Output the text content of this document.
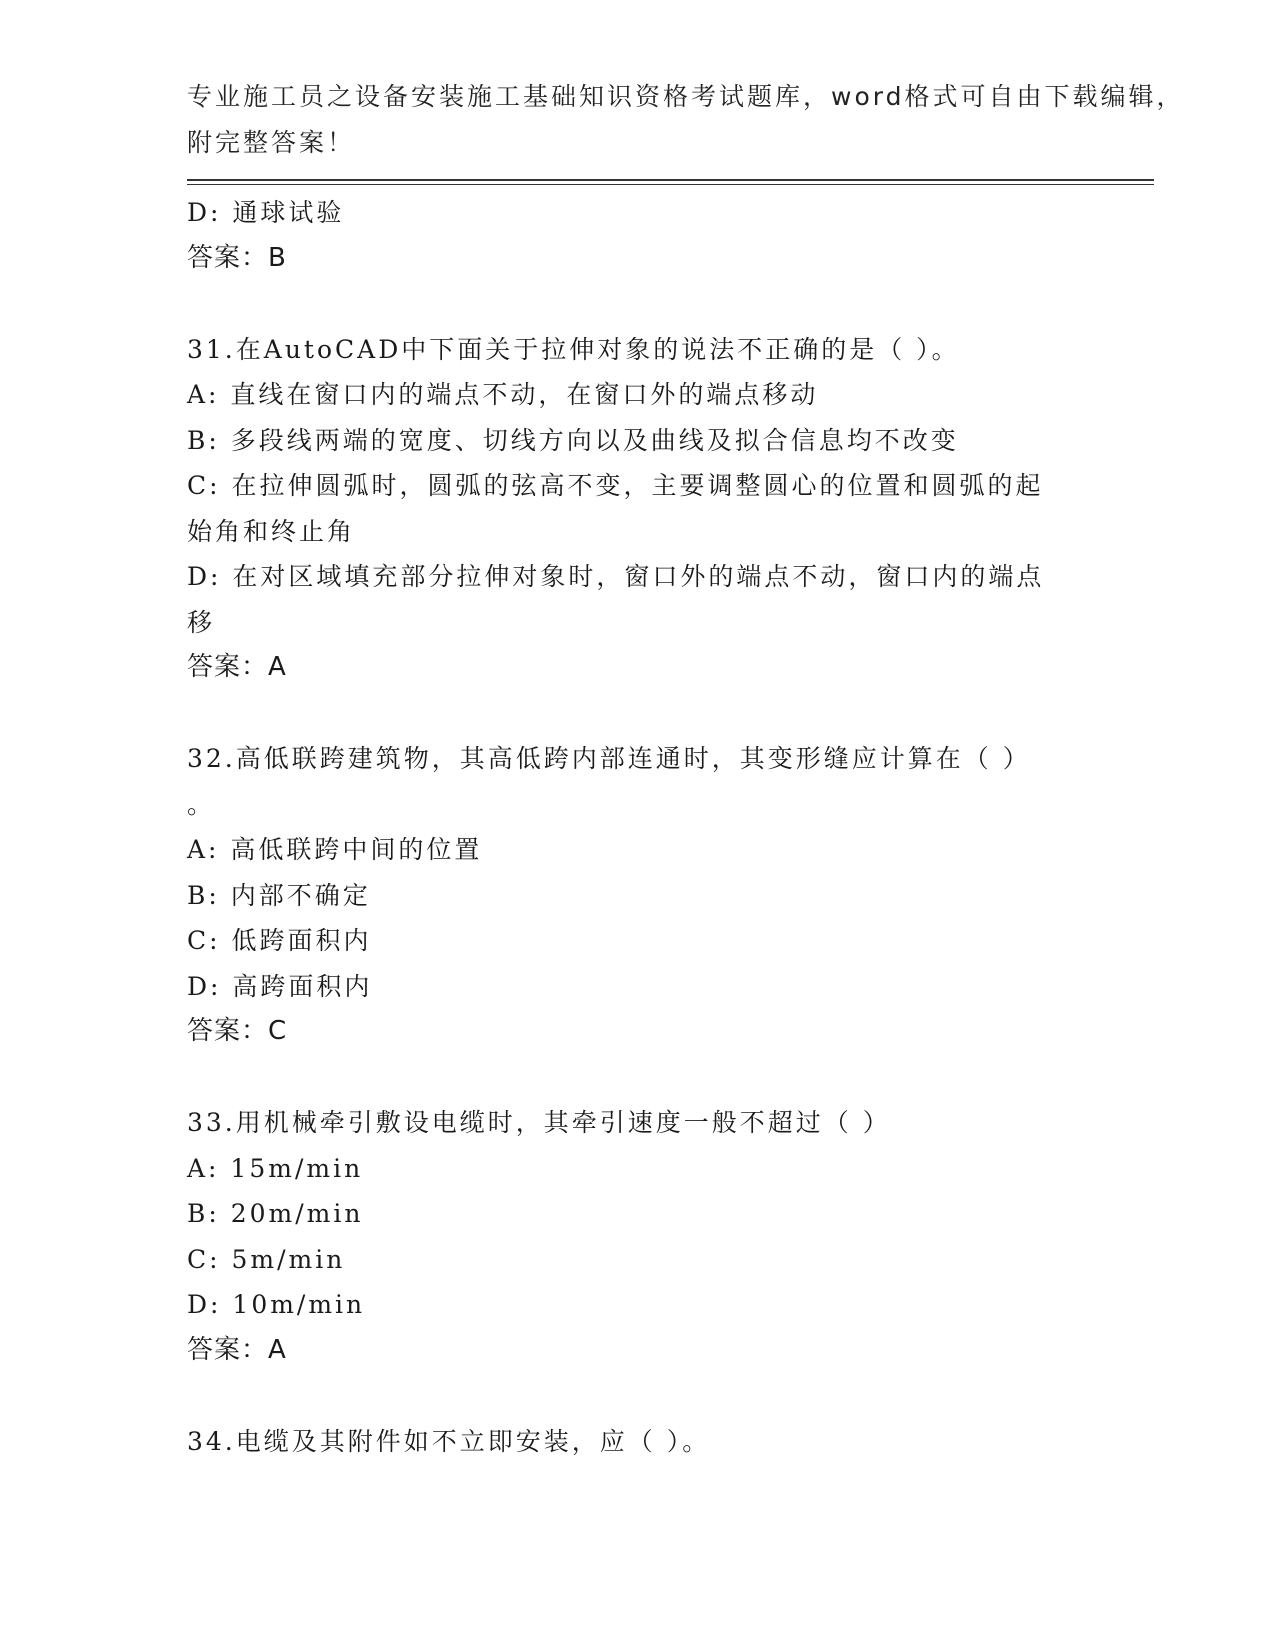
专业施工员之设备安装施工基础知识资格考试题库，word格式可自由下载编辑，
附完整答案！
D: 通球试验
答案：B
31.在AutoCAD中下面关于拉伸对象的说法不正确的是（ ）。
A: 直线在窗口内的端点不动，在窗口外的端点移动
B: 多段线两端的宽度、切线方向以及曲线及拟合信息均不改变
C: 在拉伸圆弧时，圆弧的弦高不变，主要调整圆心的位置和圆弧的起
始角和终止角
D: 在对区域填充部分拉伸对象时，窗口外的端点不动，窗口内的端点
移
答案：A
32.高低联跨建筑物，其高低跨内部连通时，其变形缝应计算在（ ）
。
A: 高低联跨中间的位置
B: 内部不确定
C: 低跨面积内
D: 高跨面积内
答案：C
33.用机械牵引敷设电缆时，其牵引速度一般不超过（ ）
A: 15m/min
B: 20m/min
C: 5m/min
D: 10m/min
答案：A
34.电缆及其附件如不立即安装，应（ ）。
